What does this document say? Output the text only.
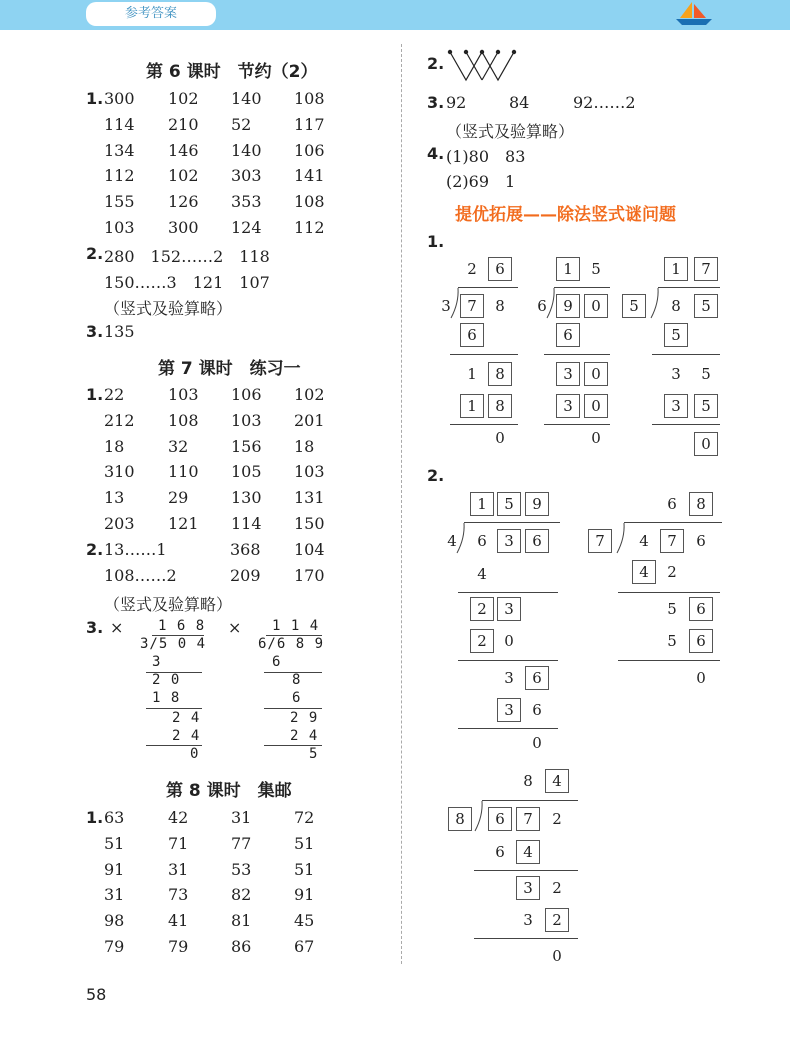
参考答案
第 6 课时　节约（2）
1. 300 102 140 108
114 210 52	117
134 146 140 106
112 102 303 141
155 126 353 108
103 300 124 112
2. 280　152……2　118
150……3　121　107
（竖式及验算略）
3. 135
第 7 课时　练习一
1. 22	103 106 102
212 108 103 201
18	32	156 18
310 110 105 103
13	29	130 131
203 121 114 150
2. 13……1	368 104
108……2	209 170
（竖式及验算略）
3. ×	×
1 6 8
3/5 0 4
3
2 0
1 8
2 4
2 4
0
1 1 4
6/6 8 9
6
8
6
2 9
2 4
5
第 8 课时　集邮
1. 63	42	31	72
51	71	77	51
91	31	53	51
31	73	82	91
98	41	81	45
79	79	86	67
58
2.
3. 92	84	92……2
（竖式及验算略）
4. (1)80　83
(2)69　1
提优拓展——除法竖式谜问题
1.
2.
2	6
3	7	8
6
1	8
1	8
0
1	5
6	9	0
6
3	0
3	0
0
1	7
5	8	5
5
3	5
3	5
0
1	5	9
4	6	3	6
4
2	3
2	0
3	6
3	6
0
6	8
7	4	7	6
4	2
5	6
5	6
0
8	4
8	6	7	2
6	4
3	2
3	2
0
